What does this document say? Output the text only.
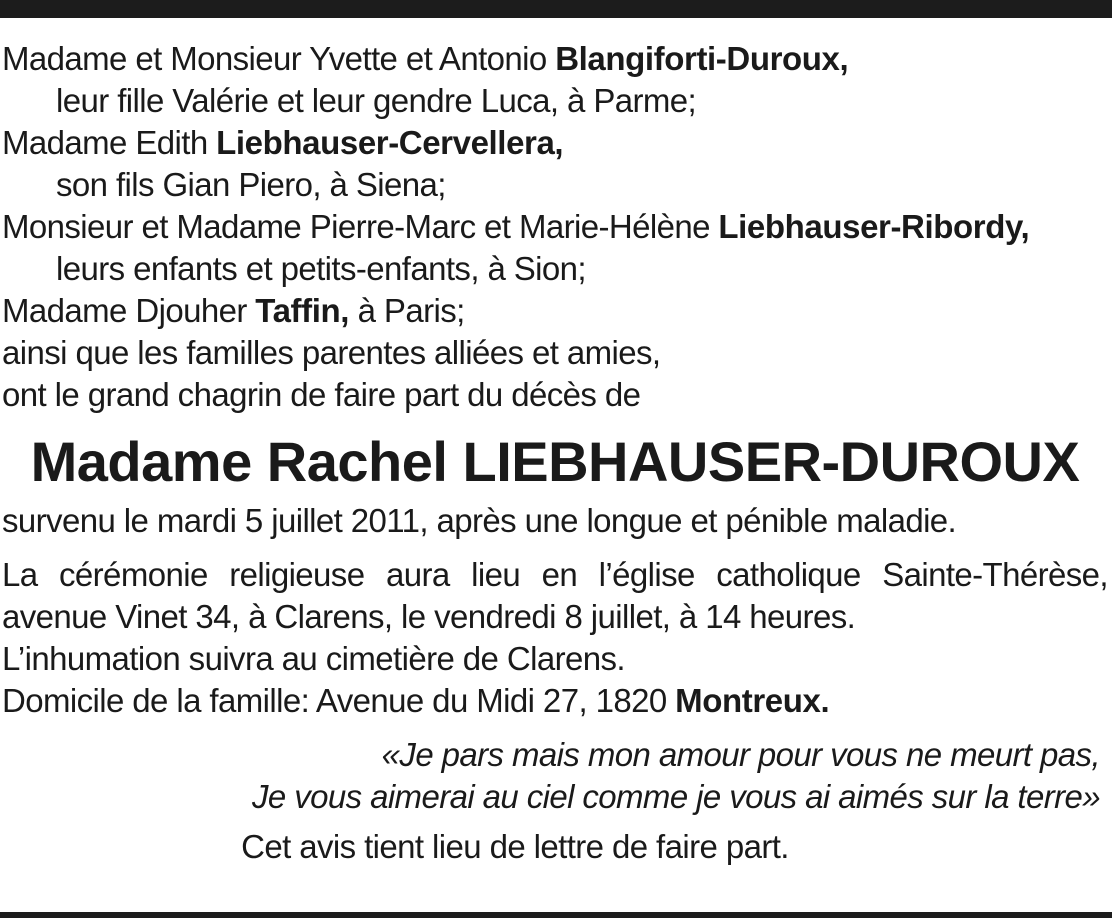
Madame et Monsieur Yvette et Antonio Blangiforti-Duroux,
leur fille Valérie et leur gendre Luca, à Parme;
Madame Edith Liebhauser-Cervellera,
son fils Gian Piero, à Siena;
Monsieur et Madame Pierre-Marc et Marie-Hélène Liebhauser-Ribordy,
leurs enfants et petits-enfants, à Sion;
Madame Djouher Taffin, à Paris;
ainsi que les familles parentes alliées et amies,
ont le grand chagrin de faire part du décès de
Madame Rachel LIEBHAUSER-DUROUX
survenu le mardi 5 juillet 2011, après une longue et pénible maladie.
La cérémonie religieuse aura lieu en l’église catholique Sainte-Thérèse,
avenue Vinet 34, à Clarens, le vendredi 8 juillet, à 14 heures.
L’inhumation suivra au cimetière de Clarens.
Domicile de la famille: Avenue du Midi 27, 1820 Montreux.
«Je pars mais mon amour pour vous ne meurt pas,
Je vous aimerai au ciel comme je vous ai aimés sur la terre»
Cet avis tient lieu de lettre de faire part.
